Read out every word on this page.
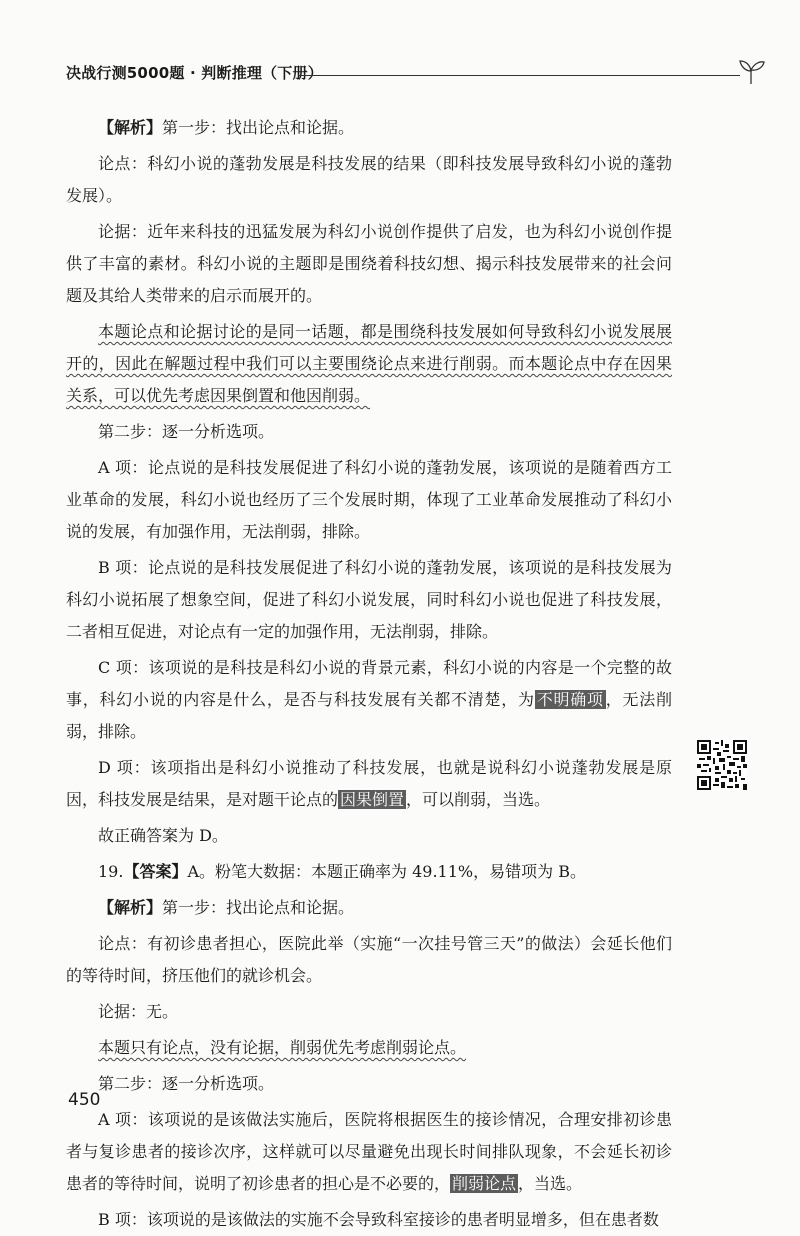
决战行测5000题 · 判断推理（下册）

【解析】第一步：找出论点和论据。

论点：科幻小说的蓬勃发展是科技发展的结果（即科技发展导致科幻小说的蓬勃发展）。

论据：近年来科技的迅猛发展为科幻小说创作提供了启发，也为科幻小说创作提供了丰富的素材。科幻小说的主题即是围绕着科技幻想、揭示科技发展带来的社会问题及其给人类带来的启示而展开的。

本题论点和论据讨论的是同一话题，都是围绕科技发展如何导致科幻小说发展展开的，因此在解题过程中我们可以主要围绕论点来进行削弱。而本题论点中存在因果关系，可以优先考虑因果倒置和他因削弱。

第二步：逐一分析选项。

A 项：论点说的是科技发展促进了科幻小说的蓬勃发展，该项说的是随着西方工业革命的发展，科幻小说也经历了三个发展时期，体现了工业革命发展推动了科幻小说的发展，有加强作用，无法削弱，排除。

B 项：论点说的是科技发展促进了科幻小说的蓬勃发展，该项说的是科技发展为科幻小说拓展了想象空间，促进了科幻小说发展，同时科幻小说也促进了科技发展，二者相互促进，对论点有一定的加强作用，无法削弱，排除。

C 项：该项说的是科技是科幻小说的背景元素，科幻小说的内容是一个完整的故事，科幻小说的内容是什么，是否与科技发展有关都不清楚，为 不明确项 ，无法削弱，排除。

D 项：该项指出是科幻小说推动了科技发展，也就是说科幻小说蓬勃发展是原因，科技发展是结果，是对题干论点的 因果倒置 ，可以削弱，当选。

故正确答案为 D。

19.【答案】A。粉笔大数据：本题正确率为 49.11%，易错项为 B。

【解析】第一步：找出论点和论据。

论点：有初诊患者担心，医院此举（实施“一次挂号管三天”的做法）会延长他们的等待时间，挤压他们的就诊机会。

论据：无。

本题只有论点，没有论据，削弱优先考虑削弱论点。

第二步：逐一分析选项。

A 项：该项说的是该做法实施后，医院将根据医生的接诊情况，合理安排初诊患者与复诊患者的接诊次序，这样就可以尽量避免出现长时间排队现象，不会延长初诊患者的等待时间，说明了初诊患者的担心是不必要的， 削弱论点 ，当选。

B 项：该项说的是该做法的实施不会导致科室接诊的患者明显增多，但在患者数

450
